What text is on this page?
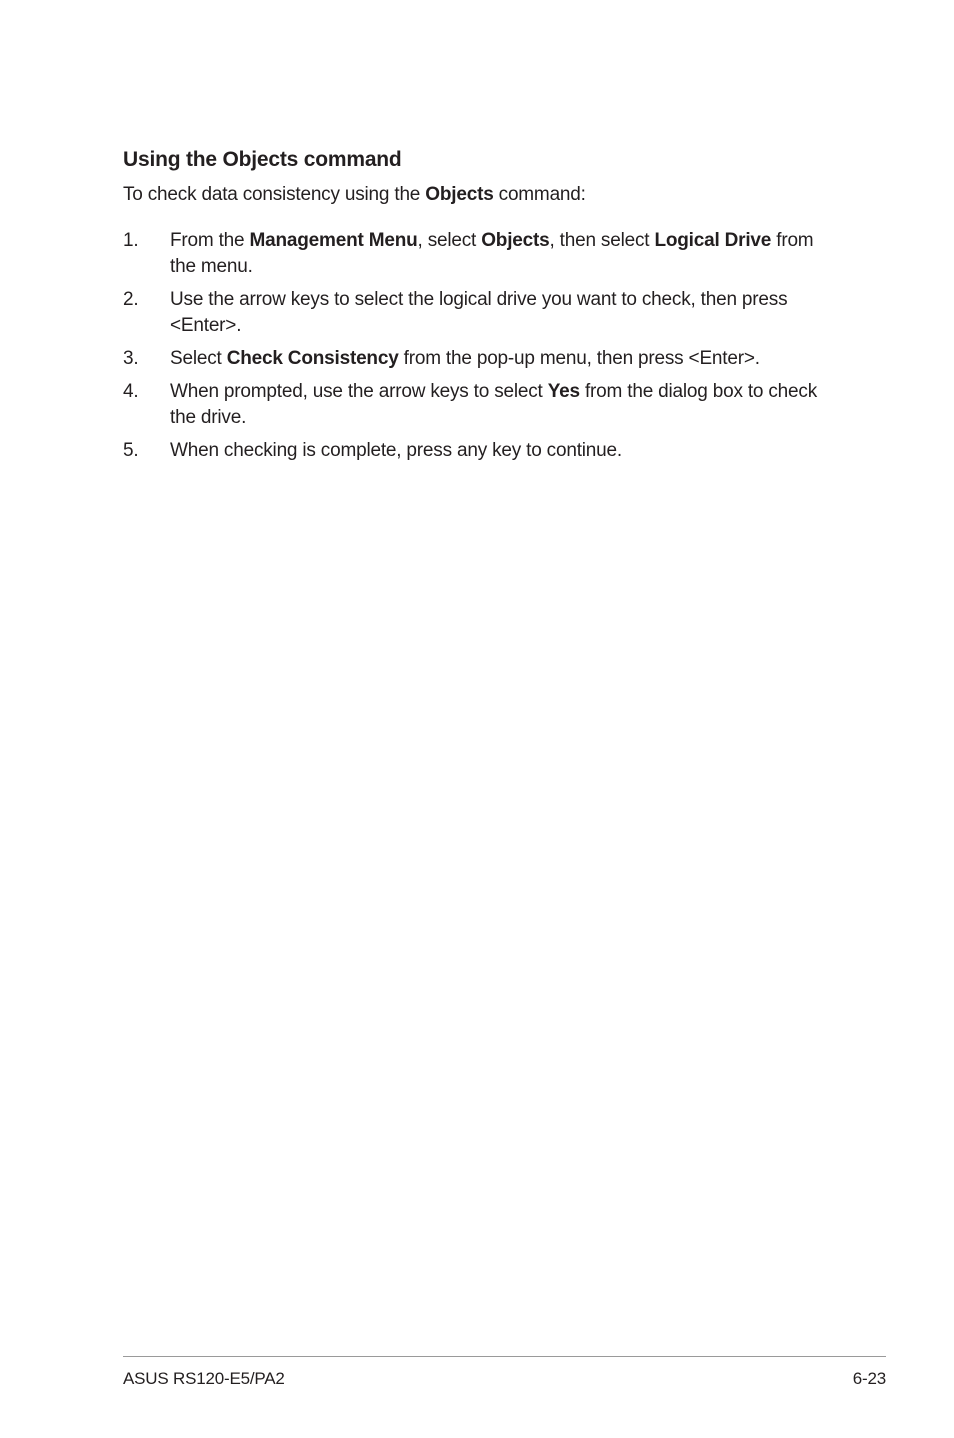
Using the Objects command

To check data consistency using the Objects command:

1. From the Management Menu, select Objects, then select Logical Drive from the menu.
2. Use the arrow keys to select the logical drive you want to check, then press <Enter>.
3. Select Check Consistency from the pop-up menu, then press <Enter>.
4. When prompted, use the arrow keys to select Yes from the dialog box to check the drive.
5. When checking is complete, press any key to continue.
ASUS RS120-E5/PA2	6-23
